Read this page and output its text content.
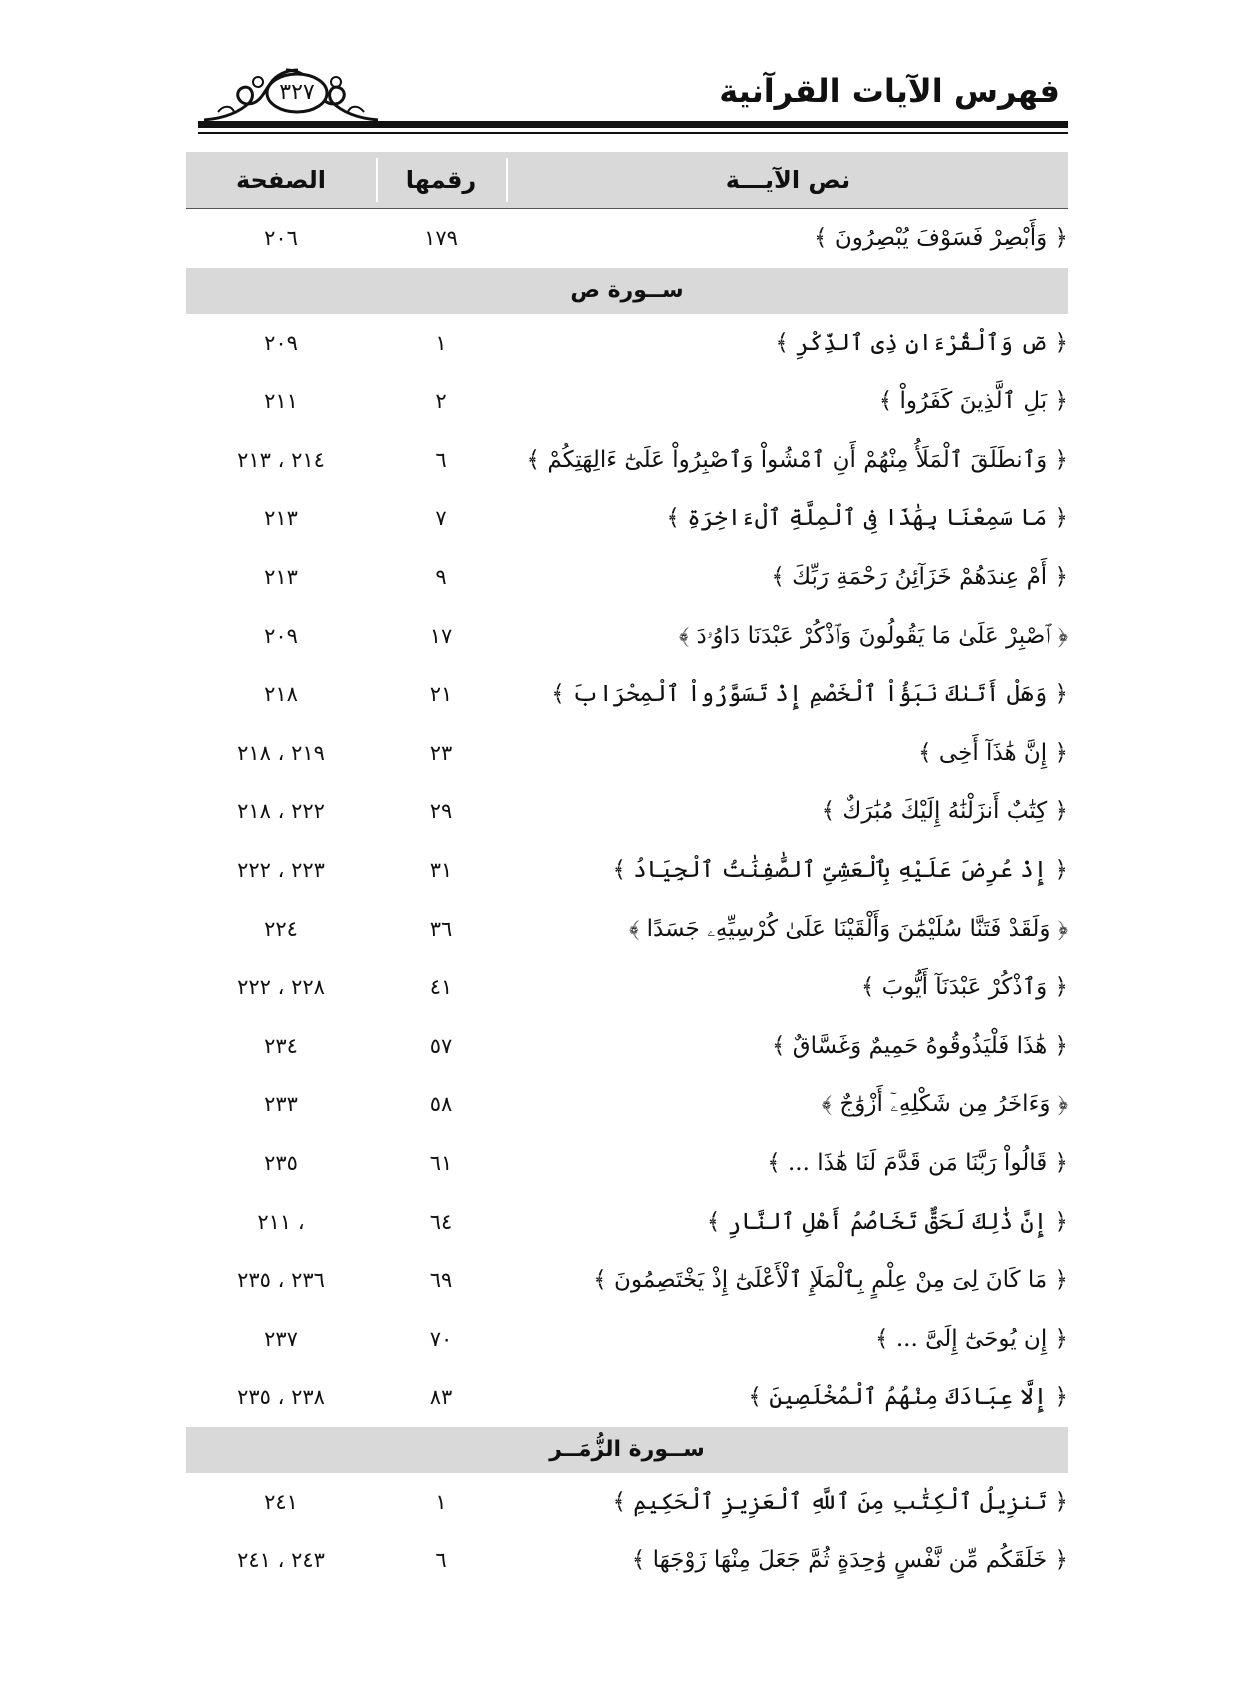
فهرس الآيات القرآنية
٣٢٧
نص الآيـــة
رقمها
الصفحة
﴿ وَأَبْصِرْ فَسَوْفَ يُبْصِرُونَ ﴾
١٧٩
٢٠٦
ســورة ص
﴿ صٓ وَٱلْقُرْءَانِ ذِى ٱلذِّكْرِ ﴾
١
٢٠٩
﴿ بَلِ ٱلَّذِينَ كَفَرُواْ ﴾
٢
٢١١
﴿ وَٱنطَلَقَ ٱلْمَلَأُ مِنْهُمْ أَنِ ٱمْشُواْ وَٱصْبِرُواْ عَلَىٰٓ ءَالِهَتِكُمْ ﴾
٦
٢١٤ ، ٢١٣
﴿ مَا سَمِعْنَا بِهَٰذَا فِى ٱلْمِلَّةِ ٱلْءَاخِرَةِ ﴾
٧
٢١٣
﴿ أَمْ عِندَهُمْ خَزَآئِنُ رَحْمَةِ رَبِّكَ ﴾
٩
٢١٣
﴿ ٱصْبِرْ عَلَىٰ مَا يَقُولُونَ وَٱذْكُرْ عَبْدَنَا دَاوُۥدَ ﴾
١٧
٢٠٩
﴿ وَهَلْ أَتَىٰكَ نَبَؤُاْ ٱلْخَصْمِ إِذْ تَسَوَّرُواْ ٱلْمِحْرَابَ ﴾
٢١
٢١٨
﴿ إِنَّ هَٰذَآ أَخِى ﴾
٢٣
٢١٩ ، ٢١٨
﴿ كِتَٰبٌ أَنزَلْنَٰهُ إِلَيْكَ مُبَٰرَكٌ ﴾
٢٩
٢٢٢ ، ٢١٨
﴿ إِذْ عُرِضَ عَلَيْهِ بِٱلْعَشِىِّ ٱلصَّٰفِنَٰتُ ٱلْجِيَادُ ﴾
٣١
٢٢٣ ، ٢٢٢
﴿ وَلَقَدْ فَتَنَّا سُلَيْمَٰنَ وَأَلْقَيْنَا عَلَىٰ كُرْسِيِّهِۦ جَسَدًا ﴾
٣٦
٢٢٤
﴿ وَٱذْكُرْ عَبْدَنَآ أَيُّوبَ ﴾
٤١
٢٢٨ ، ٢٢٢
﴿ هَٰذَا فَلْيَذُوقُوهُ حَمِيمٌ وَغَسَّاقٌ ﴾
٥٧
٢٣٤
﴿ وَءَاخَرُ مِن شَكْلِهِۦٓ أَزْوَٰجٌ ﴾
٥٨
٢٣٣
﴿ قَالُواْ رَبَّنَا مَن قَدَّمَ لَنَا هَٰذَا ... ﴾
٦١
٢٣٥
﴿ إِنَّ ذَٰلِكَ لَحَقٌّ تَخَاصُمُ أَهْلِ ٱلنَّارِ ﴾
٦٤
، ٢١١
﴿ مَا كَانَ لِىَ مِنْ عِلْمٍ بِٱلْمَلَإِ ٱلْأَعْلَىٰٓ إِذْ يَخْتَصِمُونَ ﴾
٦٩
٢٣٦ ، ٢٣٥
﴿ إِن يُوحَىٰٓ إِلَىَّ ... ﴾
٧٠
٢٣٧
﴿ إِلَّا عِبَادَكَ مِنْهُمُ ٱلْمُخْلَصِينَ ﴾
٨٣
٢٣٨ ، ٢٣٥
ســورة الزُّمَــر
﴿ تَنزِيلُ ٱلْكِتَٰبِ مِنَ ٱللَّهِ ٱلْعَزِيزِ ٱلْحَكِيمِ ﴾
١
٢٤١
﴿ خَلَقَكُم مِّن نَّفْسٍ وَٰحِدَةٍ ثُمَّ جَعَلَ مِنْهَا زَوْجَهَا ﴾
٦
٢٤٣ ، ٢٤١
